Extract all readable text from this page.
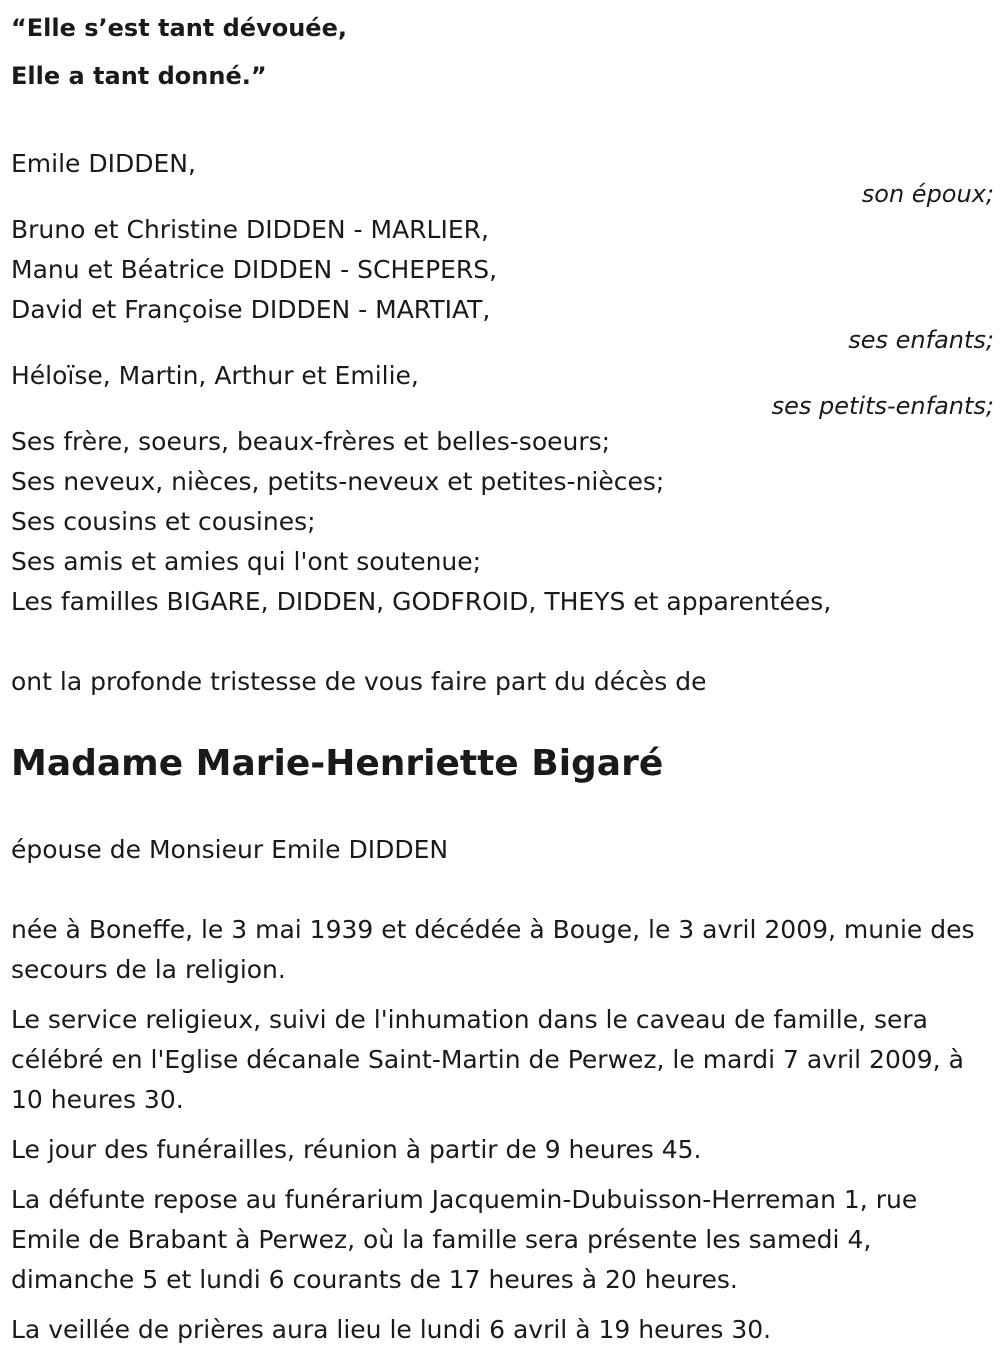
“Elle s’est tant dévouée,
Elle a tant donné.”
Emile DIDDEN,
son époux;
Bruno et Christine DIDDEN - MARLIER,
Manu et Béatrice DIDDEN - SCHEPERS,
David et Françoise DIDDEN - MARTIAT,
ses enfants;
Héloïse, Martin, Arthur et Emilie,
ses petits-enfants;
Ses frère, soeurs, beaux-frères et belles-soeurs;
Ses neveux, nièces, petits-neveux et petites-nièces;
Ses cousins et cousines;
Ses amis et amies qui l'ont soutenue;
Les familles BIGARE, DIDDEN, GODFROID, THEYS et apparentées,
ont la profonde tristesse de vous faire part du décès de
Madame Marie-Henriette Bigaré
épouse de Monsieur Emile DIDDEN
née à Boneffe, le 3 mai 1939 et décédée à Bouge, le 3 avril 2009, munie des secours de la religion.
Le service religieux, suivi de l'inhumation dans le caveau de famille, sera célébré en l'Eglise décanale Saint-Martin de Perwez, le mardi 7 avril 2009, à 10 heures 30.
Le jour des funérailles, réunion à partir de 9 heures 45.
La défunte repose au funérarium Jacquemin-Dubuisson-Herreman 1, rue Emile de Brabant à Perwez, où la famille sera présente les samedi 4, dimanche 5 et lundi 6 courants de 17 heures à 20 heures.
La veillée de prières aura lieu le lundi 6 avril à 19 heures 30.
